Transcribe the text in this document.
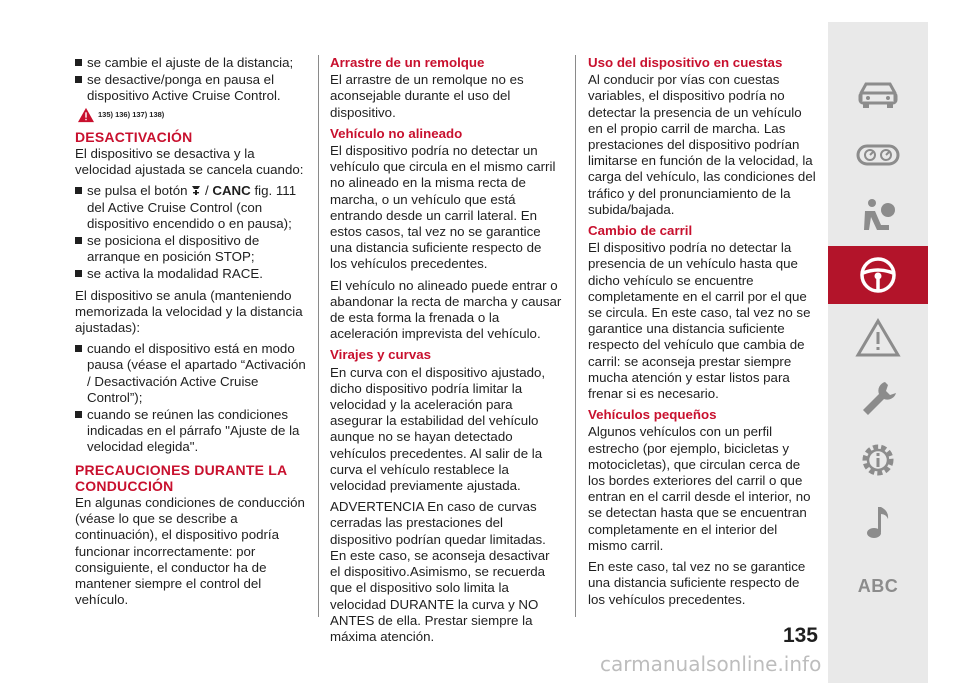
se cambie el ajuste de la distancia;
se desactive/ponga en pausa el dispositivo Active Cruise Control.
135) 136) 137) 138)
DESACTIVACIÓN

El dispositivo se desactiva y la velocidad ajustada se cancela cuando:

se pulsa el botón  / CANC fig. 111 del Active Cruise Control (con dispositivo encendido o en pausa);
se posiciona el dispositivo de arranque en posición STOP;
se activa la modalidad RACE.

El dispositivo se anula (manteniendo memorizada la velocidad y la distancia ajustadas):

cuando el dispositivo está en modo pausa (véase el apartado “Activación / Desactivación Active Cruise Control”);
cuando se reúnen las condiciones indicadas en el párrafo "Ajuste de la velocidad elegida".
PRECAUCIONES DURANTE LA CONDUCCIÓN

En algunas condiciones de conducción (véase lo que se describe a continuación), el dispositivo podría funcionar incorrectamente: por consiguiente, el conductor ha de mantener siempre el control del vehículo.

Arrastre de un remolque

El arrastre de un remolque no es aconsejable durante el uso del dispositivo.

Vehículo no alineado

El dispositivo podría no detectar un vehículo que circula en el mismo carril no alineado en la misma recta de marcha, o un vehículo que está entrando desde un carril lateral. En estos casos, tal vez no se garantice una distancia suficiente respecto de los vehículos precedentes.

El vehículo no alineado puede entrar o abandonar la recta de marcha y causar de esta forma la frenada o la aceleración imprevista del vehículo.

Virajes y curvas

En curva con el dispositivo ajustado, dicho dispositivo podría limitar la velocidad y la aceleración para asegurar la estabilidad del vehículo aunque no se hayan detectado vehículos precedentes. Al salir de la curva el vehículo restablece la velocidad previamente ajustada.

ADVERTENCIA En caso de curvas cerradas las prestaciones del dispositivo podrían quedar limitadas. En este caso, se aconseja desactivar el dispositivo.Asimismo, se recuerda que el dispositivo solo limita la velocidad DURANTE la curva y NO ANTES de ella. Prestar siempre la máxima atención.

Uso del dispositivo en cuestas

Al conducir por vías con cuestas variables, el dispositivo podría no detectar la presencia de un vehículo en el propio carril de marcha. Las prestaciones del dispositivo podrían limitarse en función de la velocidad, la carga del vehículo, las condiciones del tráfico y del pronunciamiento de la subida/bajada.

Cambio de carril

El dispositivo podría no detectar la presencia de un vehículo hasta que dicho vehículo se encuentre completamente en el carril por el que se circula. En este caso, tal vez no se garantice una distancia suficiente respecto del vehículo que cambia de carril: se aconseja prestar siempre mucha atención y estar listos para frenar si es necesario.

Vehículos pequeños

Algunos vehículos con un perfil estrecho (por ejemplo, bicicletas y motocicletas), que circulan cerca de los bordes exteriores del carril o que entran en el carril desde el interior, no se detectan hasta que se encuentran completamente en el interior del mismo carril.

En este caso, tal vez no se garantice una distancia suficiente respecto de los vehículos precedentes.

135
ABC
carmanualsonline.info
